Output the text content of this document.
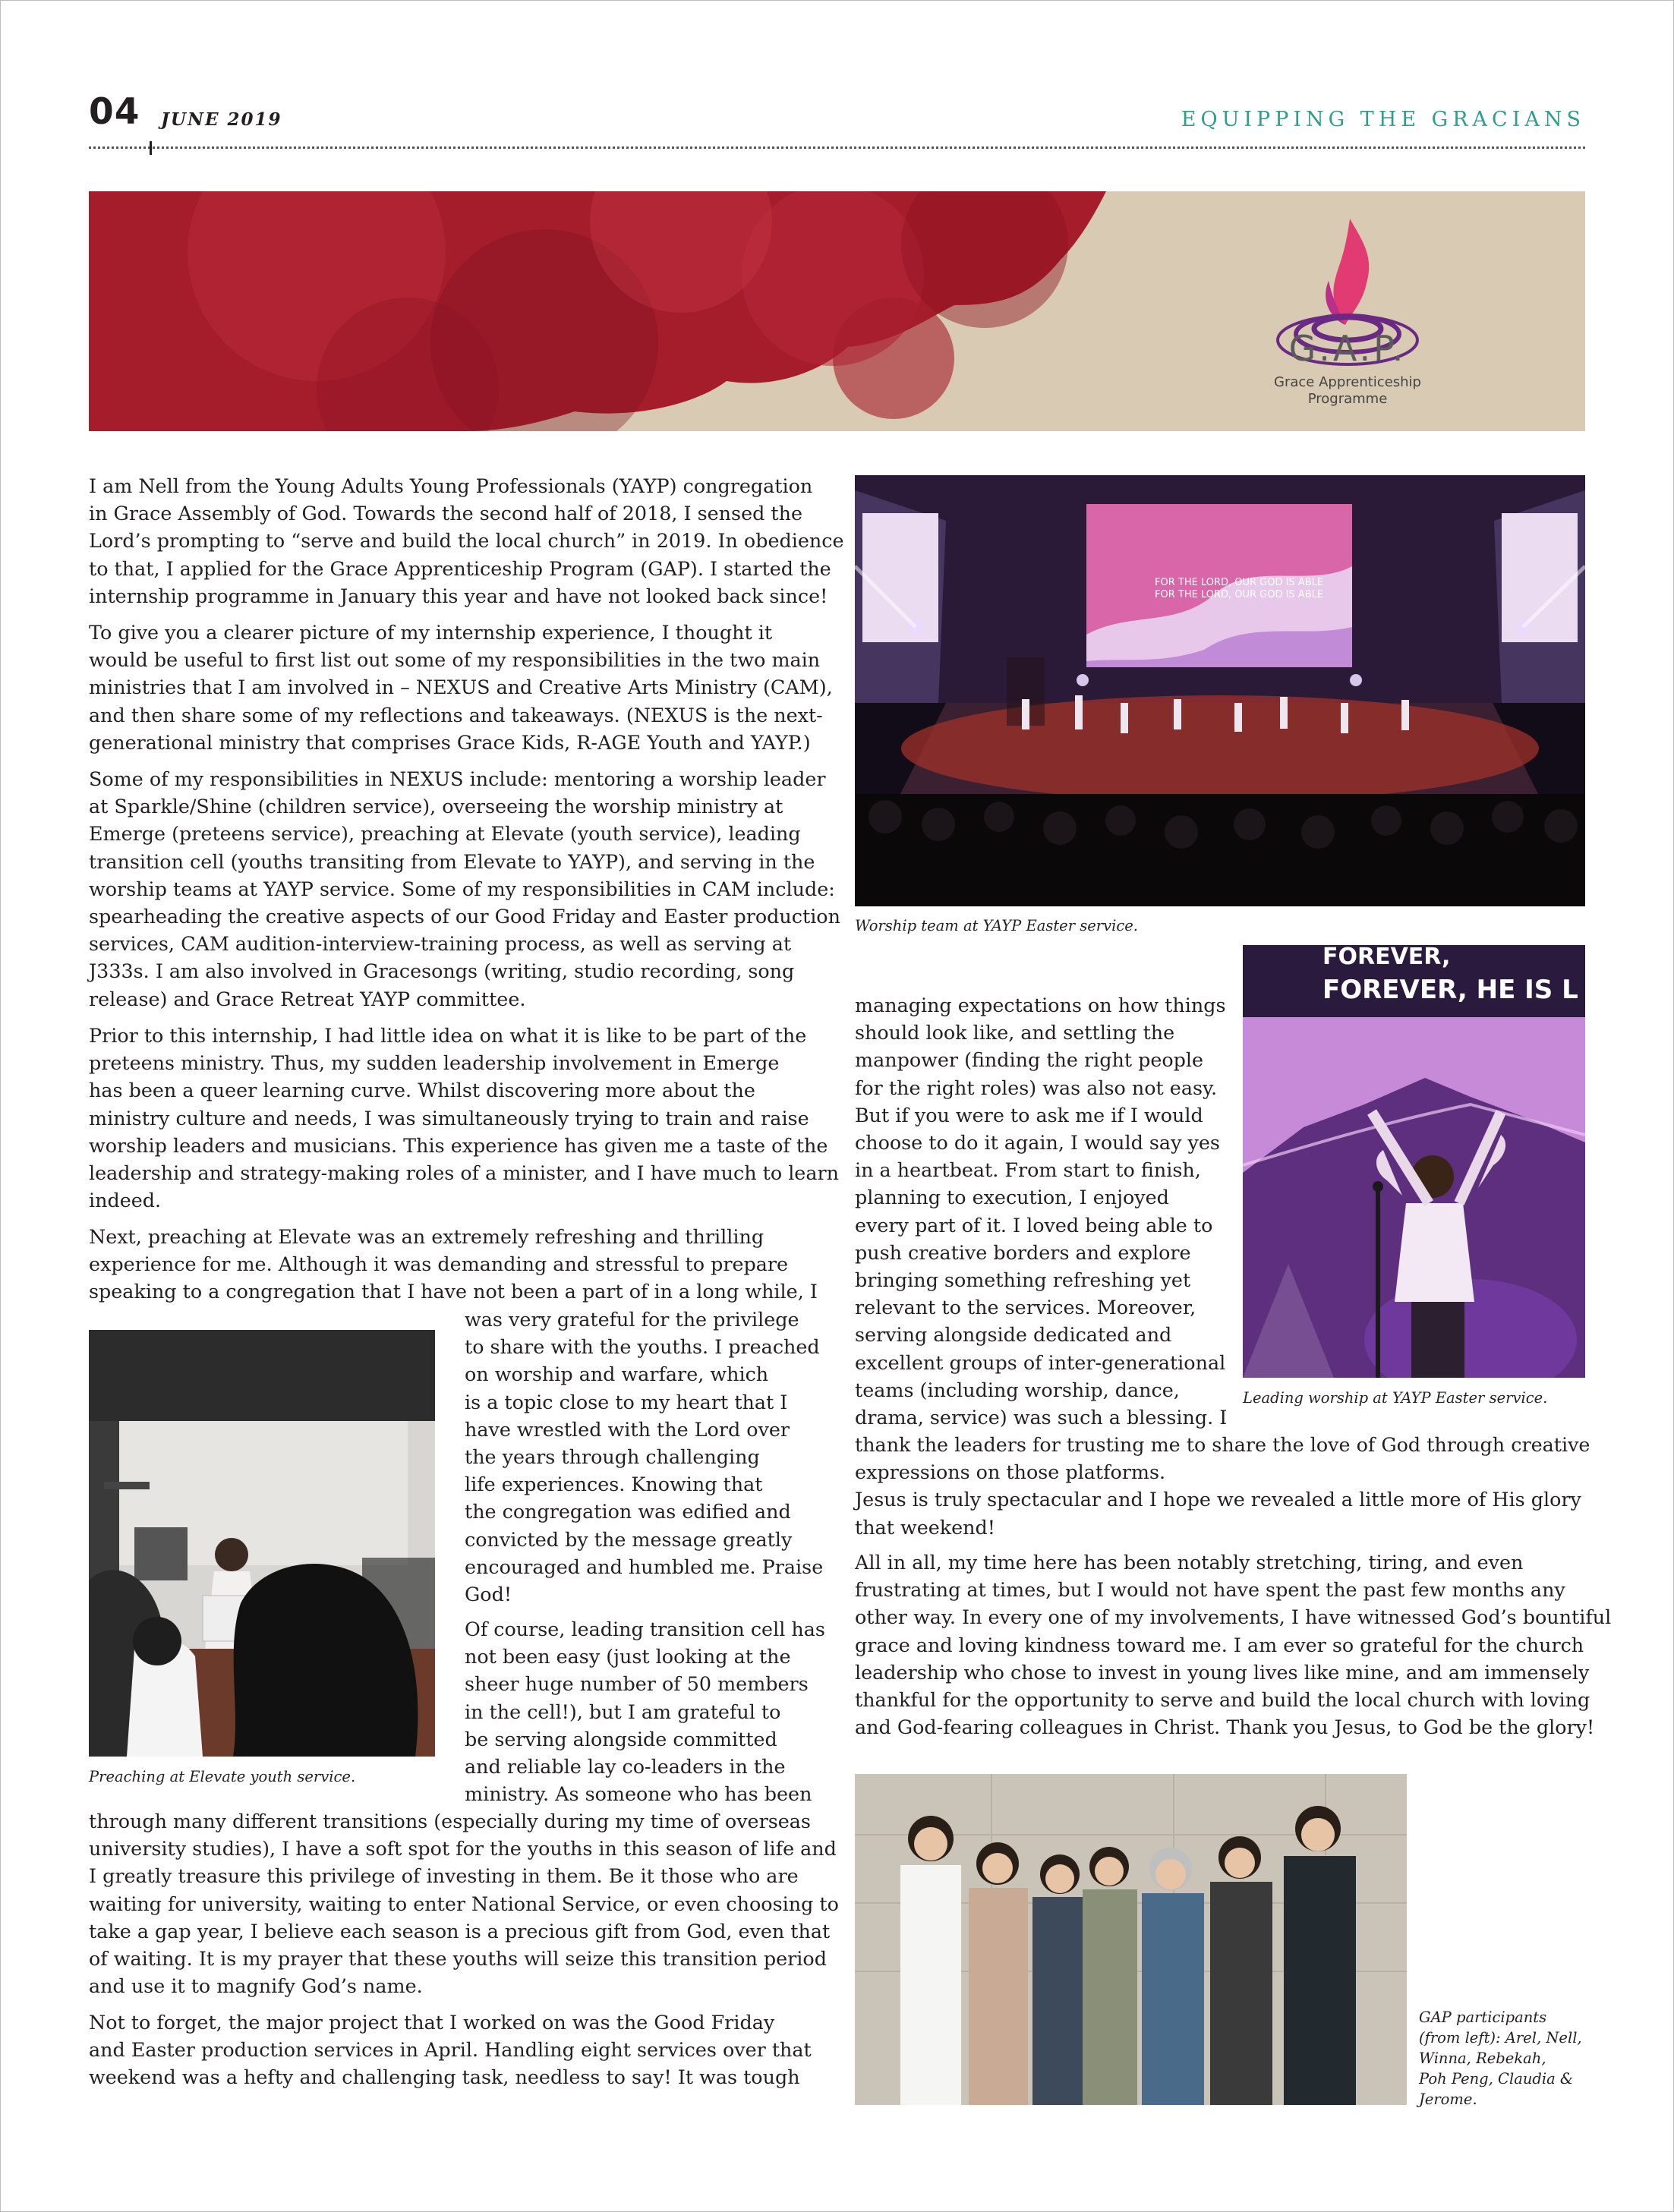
04 JUNE 2019	EQUIPPING THE GRACIANS
G.A.P.
Grace Apprenticeship
Programme
I am Nell from the Young Adults Young Professionals (YAYP) congregation
in Grace Assembly of God. Towards the second half of 2018, I sensed the
Lord’s prompting to “serve and build the local church” in 2019. In obedience
to that, I applied for the Grace Apprenticeship Program (GAP). I started the
internship programme in January this year and have not looked back since!
To give you a clearer picture of my internship experience, I thought it
would be useful to first list out some of my responsibilities in the two main
ministries that I am involved in – NEXUS and Creative Arts Ministry (CAM),
and then share some of my reflections and takeaways. (NEXUS is the next-
generational ministry that comprises Grace Kids, R-AGE Youth and YAYP.)
Some of my responsibilities in NEXUS include: mentoring a worship leader
at Sparkle/Shine (children service), overseeing the worship ministry at
Emerge (preteens service), preaching at Elevate (youth service), leading
transition cell (youths transiting from Elevate to YAYP), and serving in the
worship teams at YAYP service. Some of my responsibilities in CAM include:
spearheading the creative aspects of our Good Friday and Easter production
services, CAM audition-interview-training process, as well as serving at
J333s. I am also involved in Gracesongs (writing, studio recording, song
release) and Grace Retreat YAYP committee.
Prior to this internship, I had little idea on what it is like to be part of the
preteens ministry. Thus, my sudden leadership involvement in Emerge
has been a queer learning curve. Whilst discovering more about the
ministry culture and needs, I was simultaneously trying to train and raise
worship leaders and musicians. This experience has given me a taste of the
leadership and strategy-making roles of a minister, and I have much to learn
indeed.
Next, preaching at Elevate was an extremely refreshing and thrilling
experience for me. Although it was demanding and stressful to prepare
speaking to a congregation that I have not been a part of in a long while, I
was very grateful for the privilege
to share with the youths. I preached
on worship and warfare, which
is a topic close to my heart that I
have wrestled with the Lord over
the years through challenging
life experiences. Knowing that
the congregation was edified and
convicted by the message greatly
encouraged and humbled me. Praise
God!
Of course, leading transition cell has
not been easy (just looking at the
sheer huge number of 50 members
in the cell!), but I am grateful to
be serving alongside committed
and reliable lay co-leaders in the
ministry. As someone who has been
through many different transitions (especially during my time of overseas
university studies), I have a soft spot for the youths in this season of life and
I greatly treasure this privilege of investing in them. Be it those who are
waiting for university, waiting to enter National Service, or even choosing to
take a gap year, I believe each season is a precious gift from God, even that
of waiting. It is my prayer that these youths will seize this transition period
and use it to magnify God’s name.
Not to forget, the major project that I worked on was the Good Friday
and Easter production services in April. Handling eight services over that
weekend was a hefty and challenging task, needless to say! It was tough
managing expectations on how things
should look like, and settling the
manpower (finding the right people
for the right roles) was also not easy.
But if you were to ask me if I would
choose to do it again, I would say yes
in a heartbeat. From start to finish,
planning to execution, I enjoyed
every part of it. I loved being able to
push creative borders and explore
bringing something refreshing yet
relevant to the services. Moreover,
serving alongside dedicated and
excellent groups of inter-generational
teams (including worship, dance,
drama, service) was such a blessing. I
thank the leaders for trusting me to share the love of God through creative
expressions on those platforms.
Jesus is truly spectacular and I hope we revealed a little more of His glory
that weekend!
All in all, my time here has been notably stretching, tiring, and even
frustrating at times, but I would not have spent the past few months any
other way. In every one of my involvements, I have witnessed God’s bountiful
grace and loving kindness toward me. I am ever so grateful for the church
leadership who chose to invest in young lives like mine, and am immensely
thankful for the opportunity to serve and build the local church with loving
and God-fearing colleagues in Christ. Thank you Jesus, to God be the glory!
FOR THE LORD, OUR GOD IS ABLE
FOR THE LORD, OUR GOD IS ABLE
Worship team at YAYP Easter service.
FOREVER,
FOREVER, HE IS L
Leading worship at YAYP Easter service.
Preaching at Elevate youth service.
GAP participants
(from left): Arel, Nell,
Winna, Rebekah,
Poh Peng, Claudia &
Jerome.
